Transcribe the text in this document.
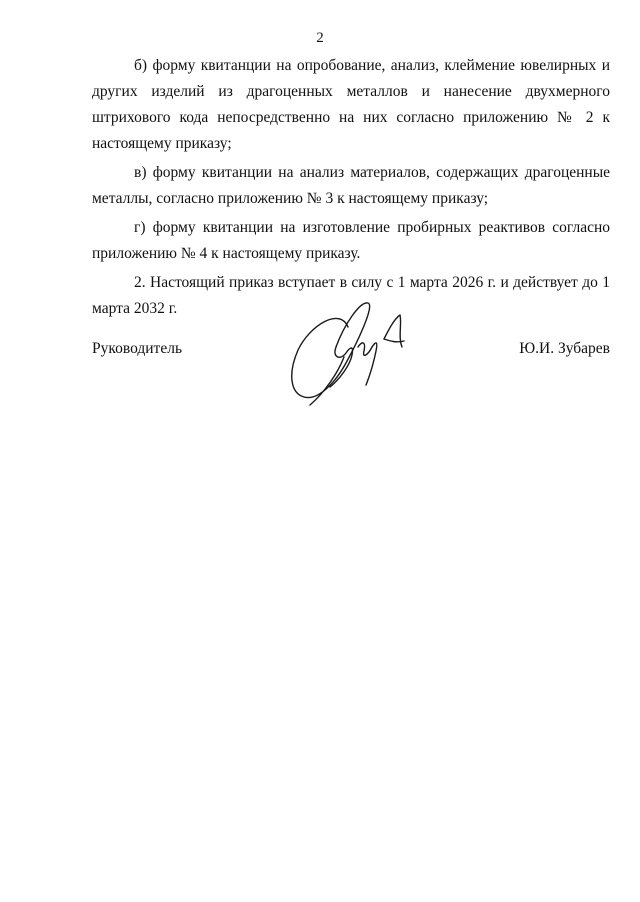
2

б) форму квитанции на опробование, анализ, клеймение ювелирных и других изделий из драгоценных металлов и нанесение двухмерного штрихового кода непосредственно на них согласно приложению № 2 к настоящему приказу;

в) форму квитанции на анализ материалов, содержащих драгоценные металлы, согласно приложению № 3 к настоящему приказу;

г) форму квитанции на изготовление пробирных реактивов согласно приложению № 4 к настоящему приказу.

2. Настоящий приказ вступает в силу с 1 марта 2026 г. и действует до 1 марта 2032 г.

Руководитель	Ю.И. Зубарев
